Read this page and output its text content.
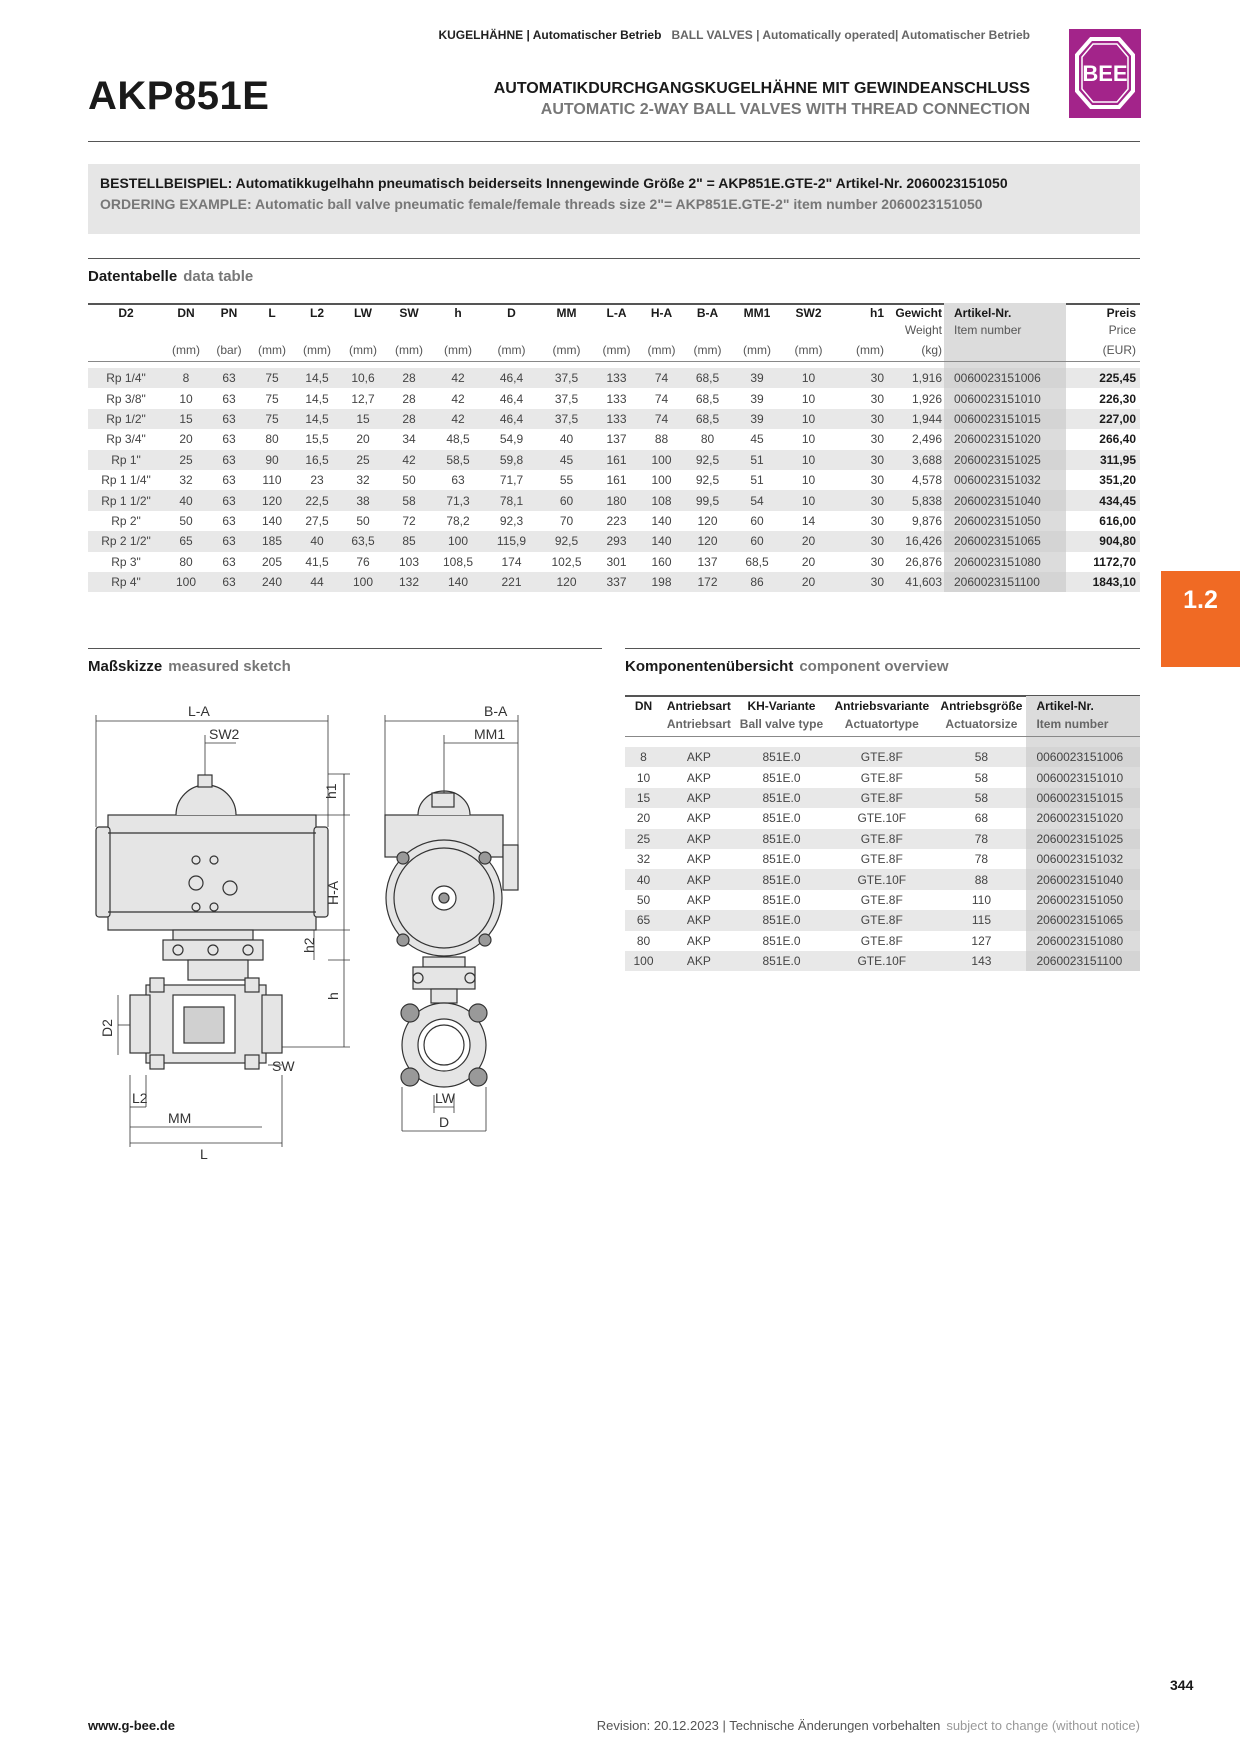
KUGELHÄHNE | Automatischer Betrieb BALL VALVES | Automatically operated| Automatischer Betrieb
AKP851E	AUTOMATIKDURCHGANGSKUGELHÄHNE MIT GEWINDEANSCHLUSS
AUTOMATIC 2-WAY BALL VALVES WITH THREAD CONNECTION
BEE
BESTELLBEISPIEL: Automatikkugelhahn pneumatisch beiderseits Innengewinde Größe 2" = AKP851E.GTE-2" Artikel-Nr. 2060023151050
ORDERING EXAMPLE: Automatic ball valve pneumatic female/female threads size 2"= AKP851E.GTE-2" item number 2060023151050
Datentabelle data table
D2	DN	PN	L	L2	LW	SW	h	D	MM	L-A	H-A	B-A	MM1	SW2	h1	Gewicht	Artikel-Nr.	Preis
																Weight	Item number	Price
	(mm)	(bar)	(mm)	(mm)	(mm)	(mm)	(mm)	(mm)	(mm)	(mm)	(mm)	(mm)	(mm)	(mm)	(mm)	(kg)		(EUR)

Rp 1/4"	8	63	75	14,5	10,6	28	42	46,4	37,5	133	74	68,5	39	10	30	1,916	0060023151006	225,45
Rp 3/8"	10	63	75	14,5	12,7	28	42	46,4	37,5	133	74	68,5	39	10	30	1,926	0060023151010	226,30
Rp 1/2"	15	63	75	14,5	15	28	42	46,4	37,5	133	74	68,5	39	10	30	1,944	0060023151015	227,00
Rp 3/4"	20	63	80	15,5	20	34	48,5	54,9	40	137	88	80	45	10	30	2,496	2060023151020	266,40
Rp 1"	25	63	90	16,5	25	42	58,5	59,8	45	161	100	92,5	51	10	30	3,688	2060023151025	311,95
Rp 1 1/4"	32	63	110	23	32	50	63	71,7	55	161	100	92,5	51	10	30	4,578	0060023151032	351,20
Rp 1 1/2"	40	63	120	22,5	38	58	71,3	78,1	60	180	108	99,5	54	10	30	5,838	2060023151040	434,45
Rp 2"	50	63	140	27,5	50	72	78,2	92,3	70	223	140	120	60	14	30	9,876	2060023151050	616,00
Rp 2 1/2"	65	63	185	40	63,5	85	100	115,9	92,5	293	140	120	60	20	30	16,426	2060023151065	904,80
Rp 3"	80	63	205	41,5	76	103	108,5	174	102,5	301	160	137	68,5	20	30	26,876	2060023151080	1172,70
Rp 4"	100	63	240	44	100	132	140	221	120	337	198	172	86	20	30	41,603	2060023151100	1843,10
1.2
Maßskizze measured sketch
L-A
SW2
h1
H-A
h2
h
D2
SW
L2
MM
L
B-A
MM1
LW
D
Komponentenübersicht component overview
DN	Antriebsart	KH-Variante	Antriebsvariante	Antriebsgröße	Artikel-Nr.
	Antriebsart	Ball valve type	Actuatortype	Actuatorsize	Item number

8	AKP	851E.0	GTE.8F	58	0060023151006
10	AKP	851E.0	GTE.8F	58	0060023151010
15	AKP	851E.0	GTE.8F	58	0060023151015
20	AKP	851E.0	GTE.10F	68	2060023151020
25	AKP	851E.0	GTE.8F	78	2060023151025
32	AKP	851E.0	GTE.8F	78	0060023151032
40	AKP	851E.0	GTE.10F	88	2060023151040
50	AKP	851E.0	GTE.8F	110	2060023151050
65	AKP	851E.0	GTE.8F	115	2060023151065
80	AKP	851E.0	GTE.8F	127	2060023151080
100	AKP	851E.0	GTE.10F	143	2060023151100
344
www.g-bee.de	Revision: 20.12.2023 | Technische Änderungen vorbehalten subject to change (without notice)
